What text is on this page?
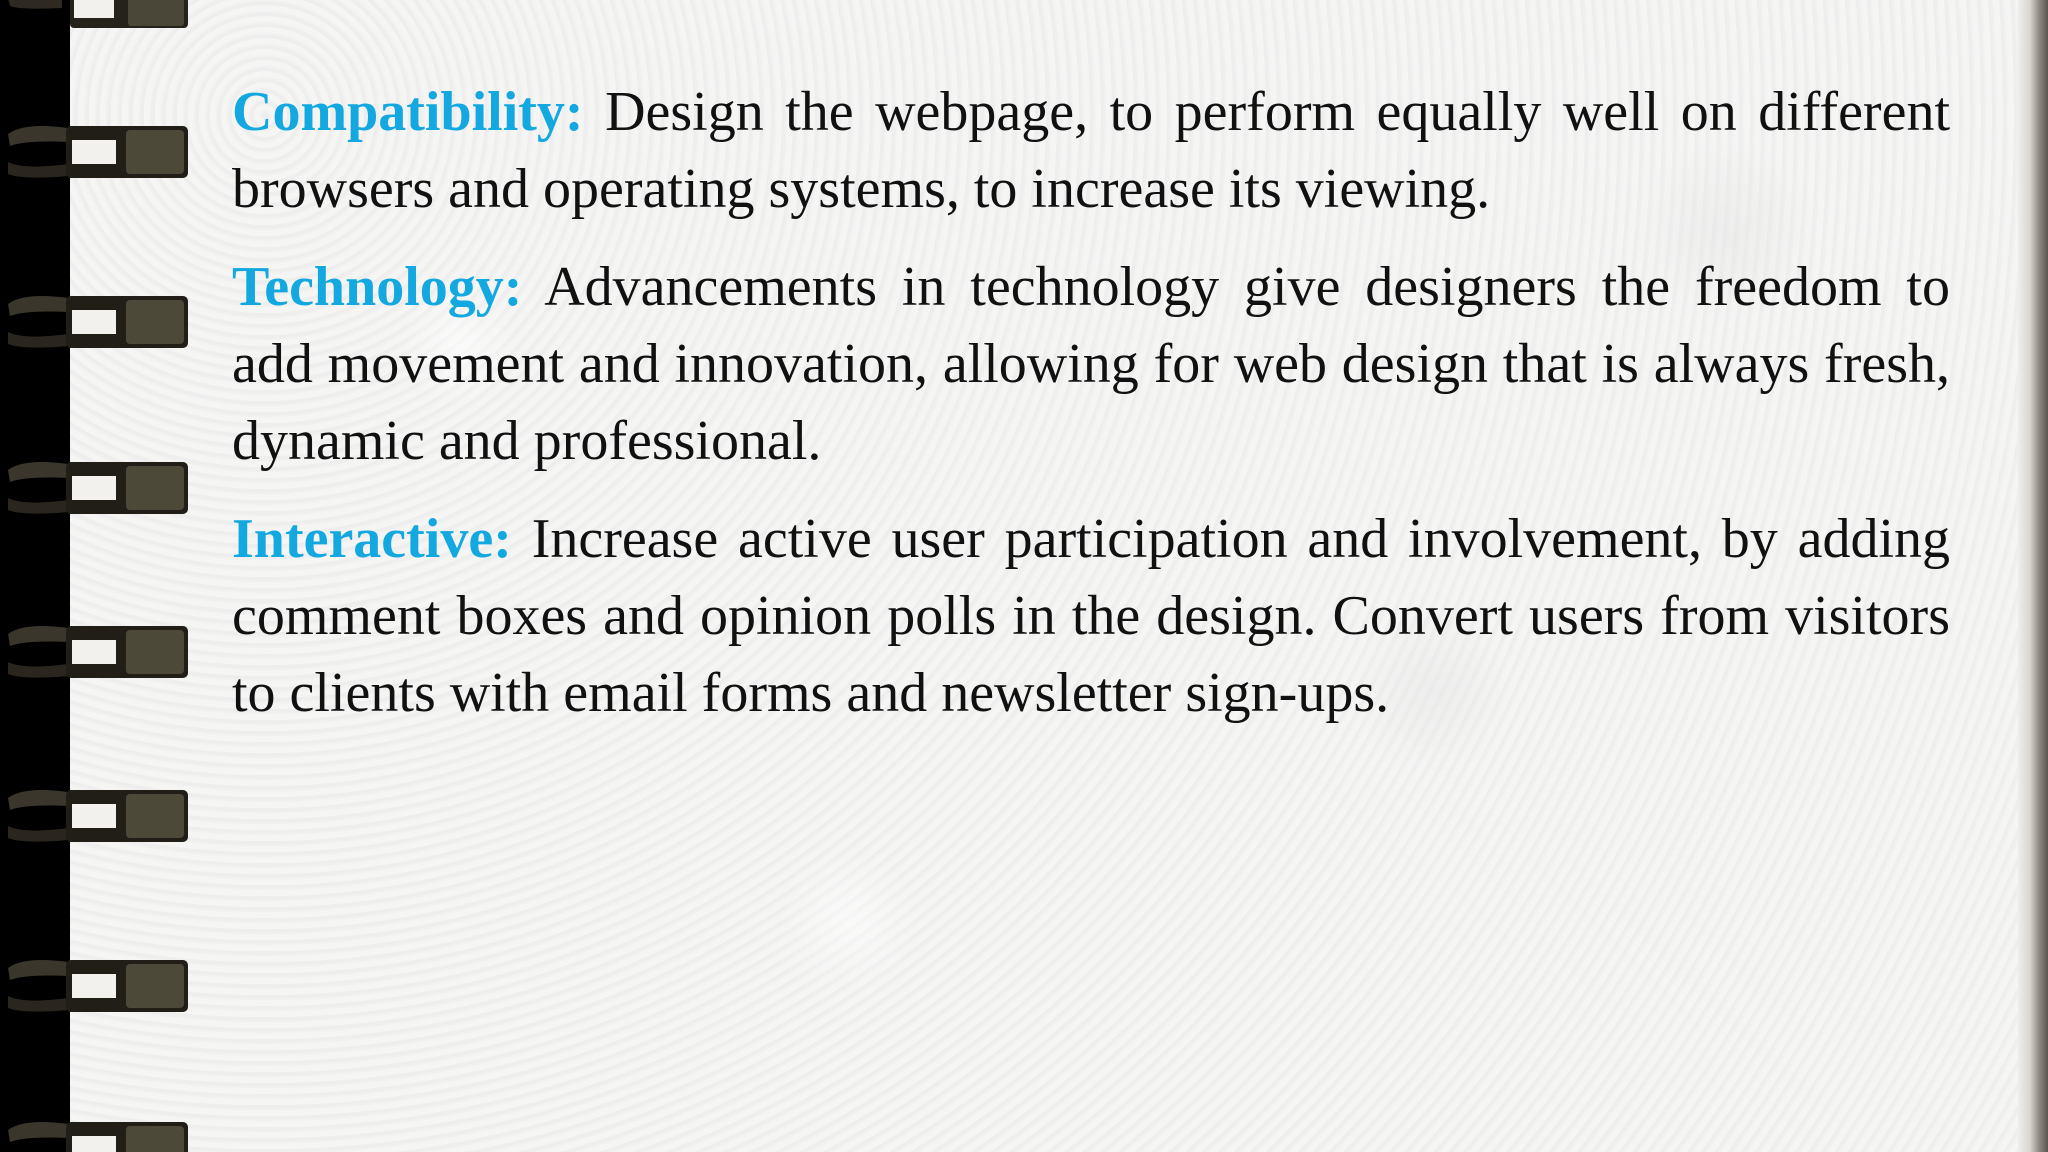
Compatibility: Design the webpage, to perform equally well on different browsers and operating systems, to increase its viewing.

Technology: Advancements in technology give designers the freedom to add movement and innovation, allowing for web design that is always fresh, dynamic and professional.

Interactive: Increase active user participation and involvement, by adding comment boxes and opinion polls in the design. Convert users from visitors to clients with email forms and newsletter sign-ups.
